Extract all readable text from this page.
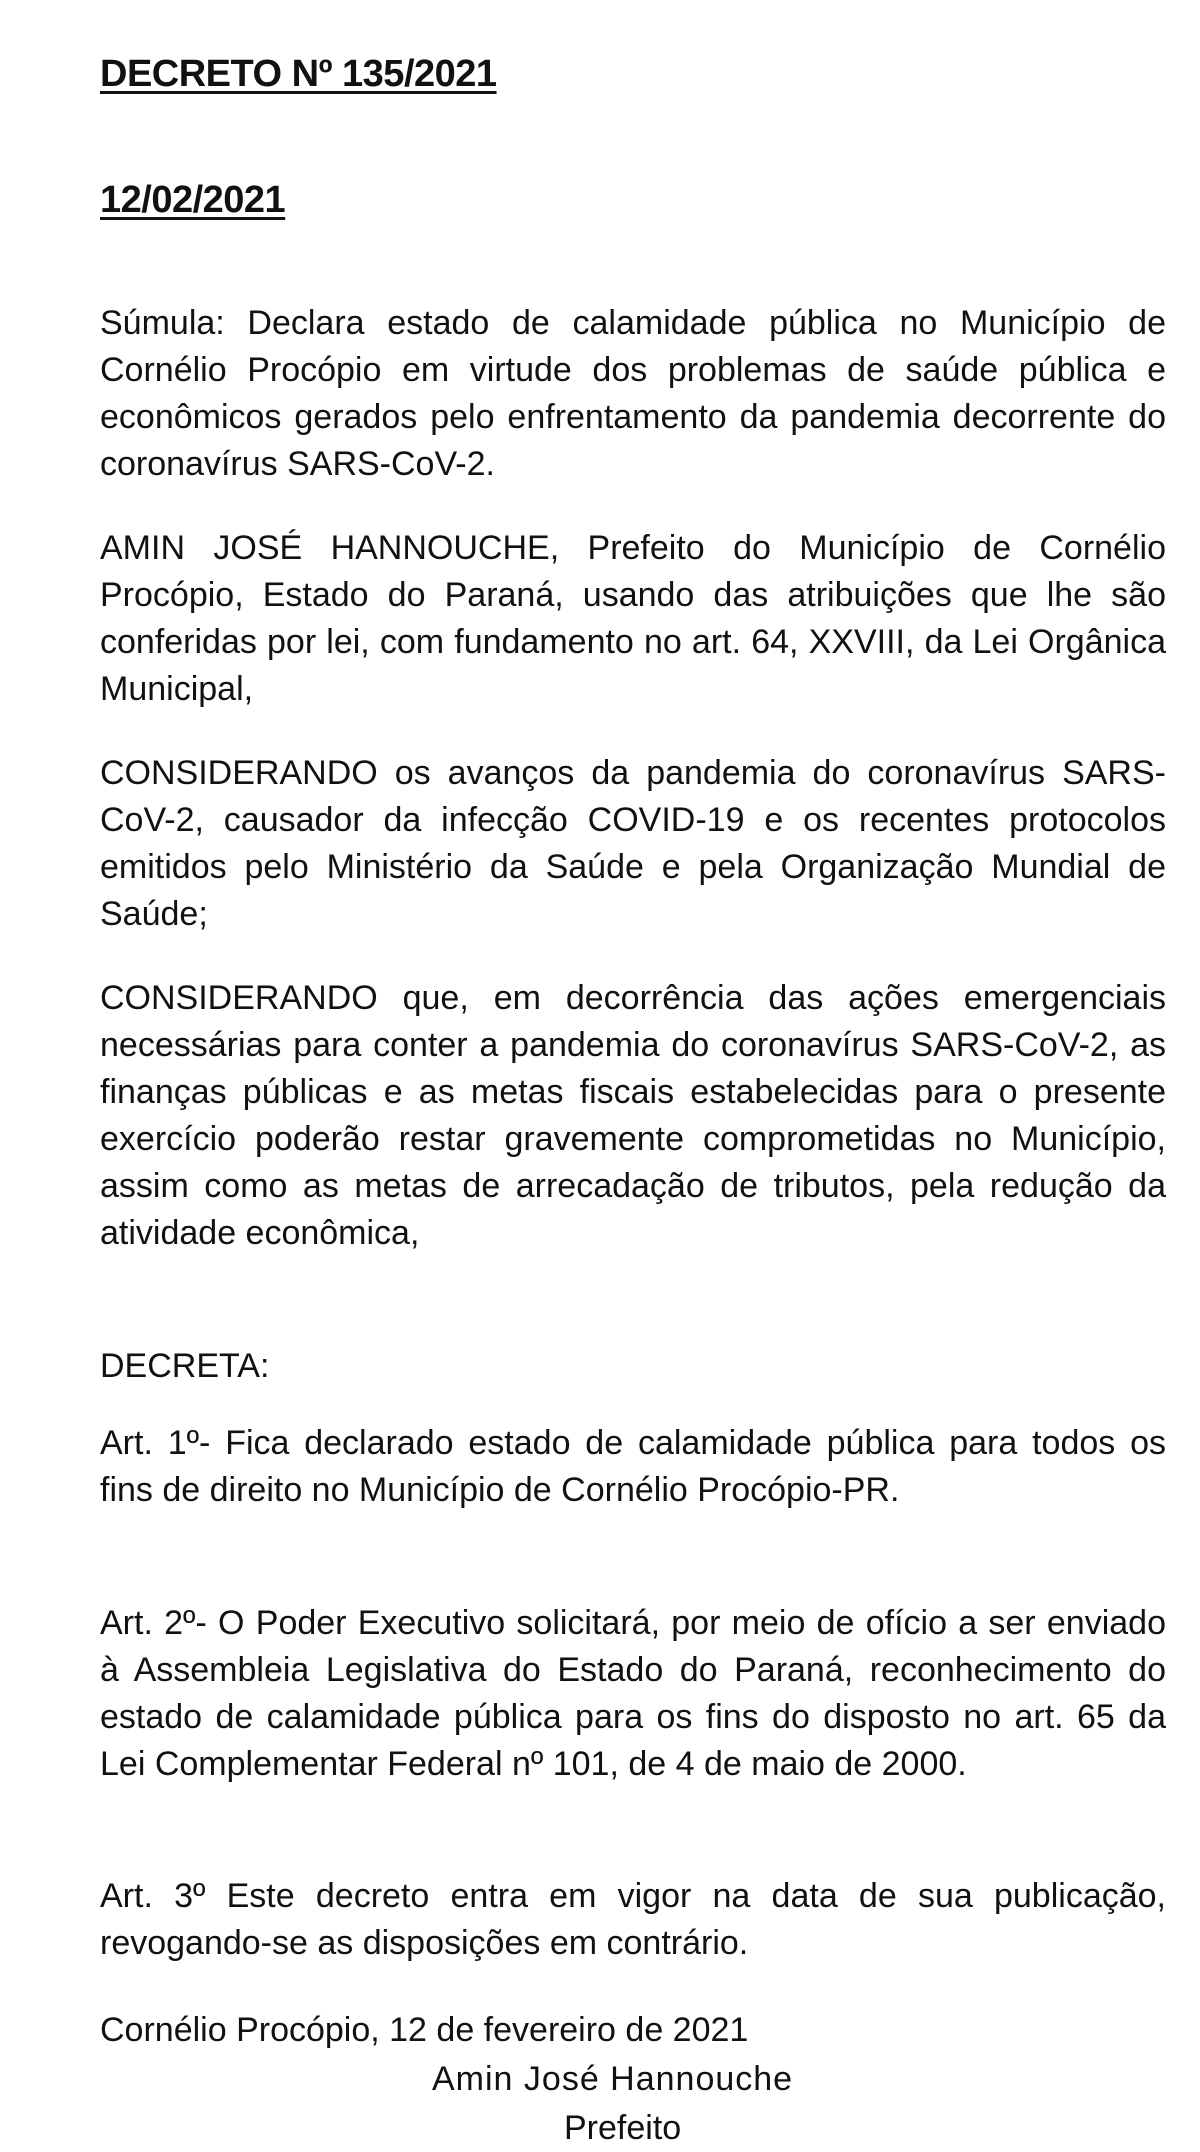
DECRETO Nº 135/2021
12/02/2021

Súmula: Declara estado de calamidade pública no Município de Cornélio Procópio em virtude dos problemas de saúde pública e econômicos gerados pelo enfrentamento da pandemia decorrente do coronavírus SARS-CoV-2.

AMIN JOSÉ HANNOUCHE, Prefeito do Município de Cornélio Procópio, Estado do Paraná, usando das atribuições que lhe são conferidas por lei, com fundamento no art. 64, XXVIII, da Lei Orgânica Municipal,

CONSIDERANDO os avanços da pandemia do coronavírus SARS-CoV-2, causador da infecção COVID-19 e os recentes protocolos emitidos pelo Ministério da Saúde e pela Organização Mundial de Saúde;

CONSIDERANDO que, em decorrência das ações emergenciais necessárias para conter a pandemia do coronavírus SARS-CoV-2, as finanças públicas e as metas fiscais estabelecidas para o presente exercício poderão restar gravemente comprometidas no Município, assim como as metas de arrecadação de tributos, pela redução da atividade econômica,

DECRETA:

Art. 1º- Fica declarado estado de calamidade pública para todos os fins de direito no Município de Cornélio Procópio-PR.

Art. 2º- O Poder Executivo solicitará, por meio de ofício a ser enviado à Assembleia Legislativa do Estado do Paraná, reconhecimento do estado de calamidade pública para os fins do disposto no art. 65 da Lei Complementar Federal nº 101, de 4 de maio de 2000.

Art. 3º Este decreto entra em vigor na data de sua publicação, revogando-se as disposições em contrário.

Cornélio Procópio, 12 de fevereiro de 2021
Amin José Hannouche
Prefeito
